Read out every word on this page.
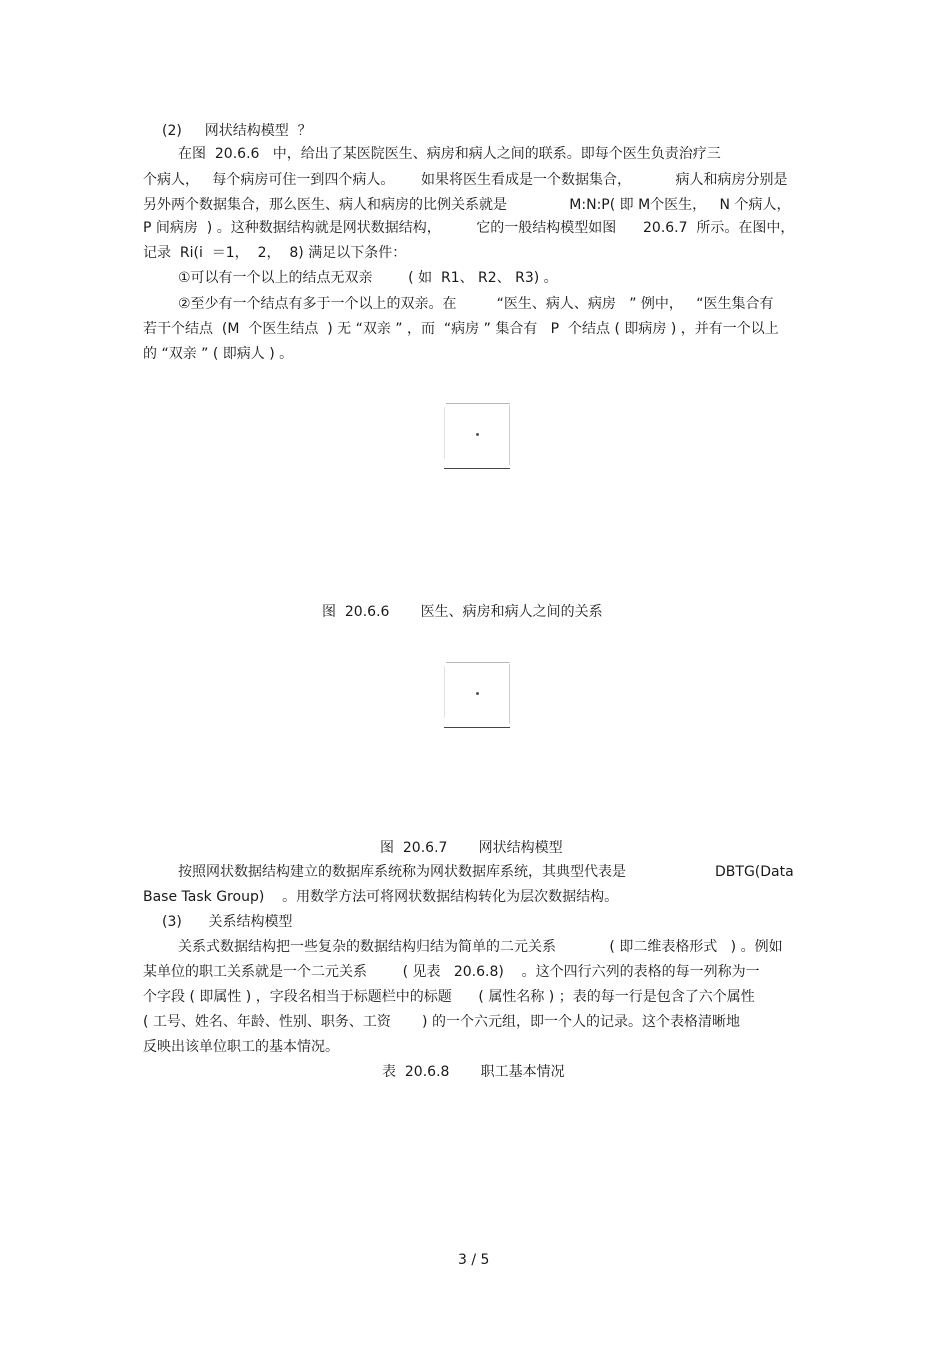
(2)　  网状结构模型  ？
在图  20.6.6   中，给出了某医院医生、病房和病人之间的联系。即每个医生负责治疗三
个病人，   每个病房可住一到四个病人。      如果将医生看成是一个数据集合，          病人和病房分别是
另外两个数据集合，那么医生、病人和病房的比例关系就是              M:N:P( 即 M个医生，   N 个病人，
P 间病房  ) 。这种数据结构就是网状数据结构，        它的一般结构模型如图      20.6.7  所示。在图中，
记录  Ri(i  ＝1，  2，  8) 满足以下条件：
①可以有一个以上的结点无双亲        ( 如  R1、 R2、 R3) 。
②至少有一个结点有多于一个以上的双亲。在         “医生、病人、病房   ” 例中，   “医生集合有
若干个结点  (M  个医生结点  ) 无 “双亲 ” ，而  “病房 ” 集合有   P  个结点 ( 即病房 ) ，并有一个以上
的 “双亲 ” ( 即病人 ) 。
图  20.6.6       医生、病房和病人之间的关系
图  20.6.7       网状结构模型
按照网状数据结构建立的数据库系统称为网状数据库系统，其典型代表是                    DBTG(Data
Base Task Group)    。用数学方法可将网状数据结构转化为层次数据结构。
(3)      关系结构模型
关系式数据结构把一些复杂的数据结构归结为简单的二元关系            ( 即二维表格形式   ) 。例如
某单位的职工关系就是一个二元关系        ( 见表   20.6.8)    。这个四行六列的表格的每一列称为一
个字段 ( 即属性 ) ，字段名相当于标题栏中的标题      ( 属性名称 ) ；表的每一行是包含了六个属性
( 工号、姓名、年龄、性别、职务、工资       ) 的一个六元组，即一个人的记录。这个表格清晰地
反映出该单位职工的基本情况。
表  20.6.8       职工基本情况
3 / 5
